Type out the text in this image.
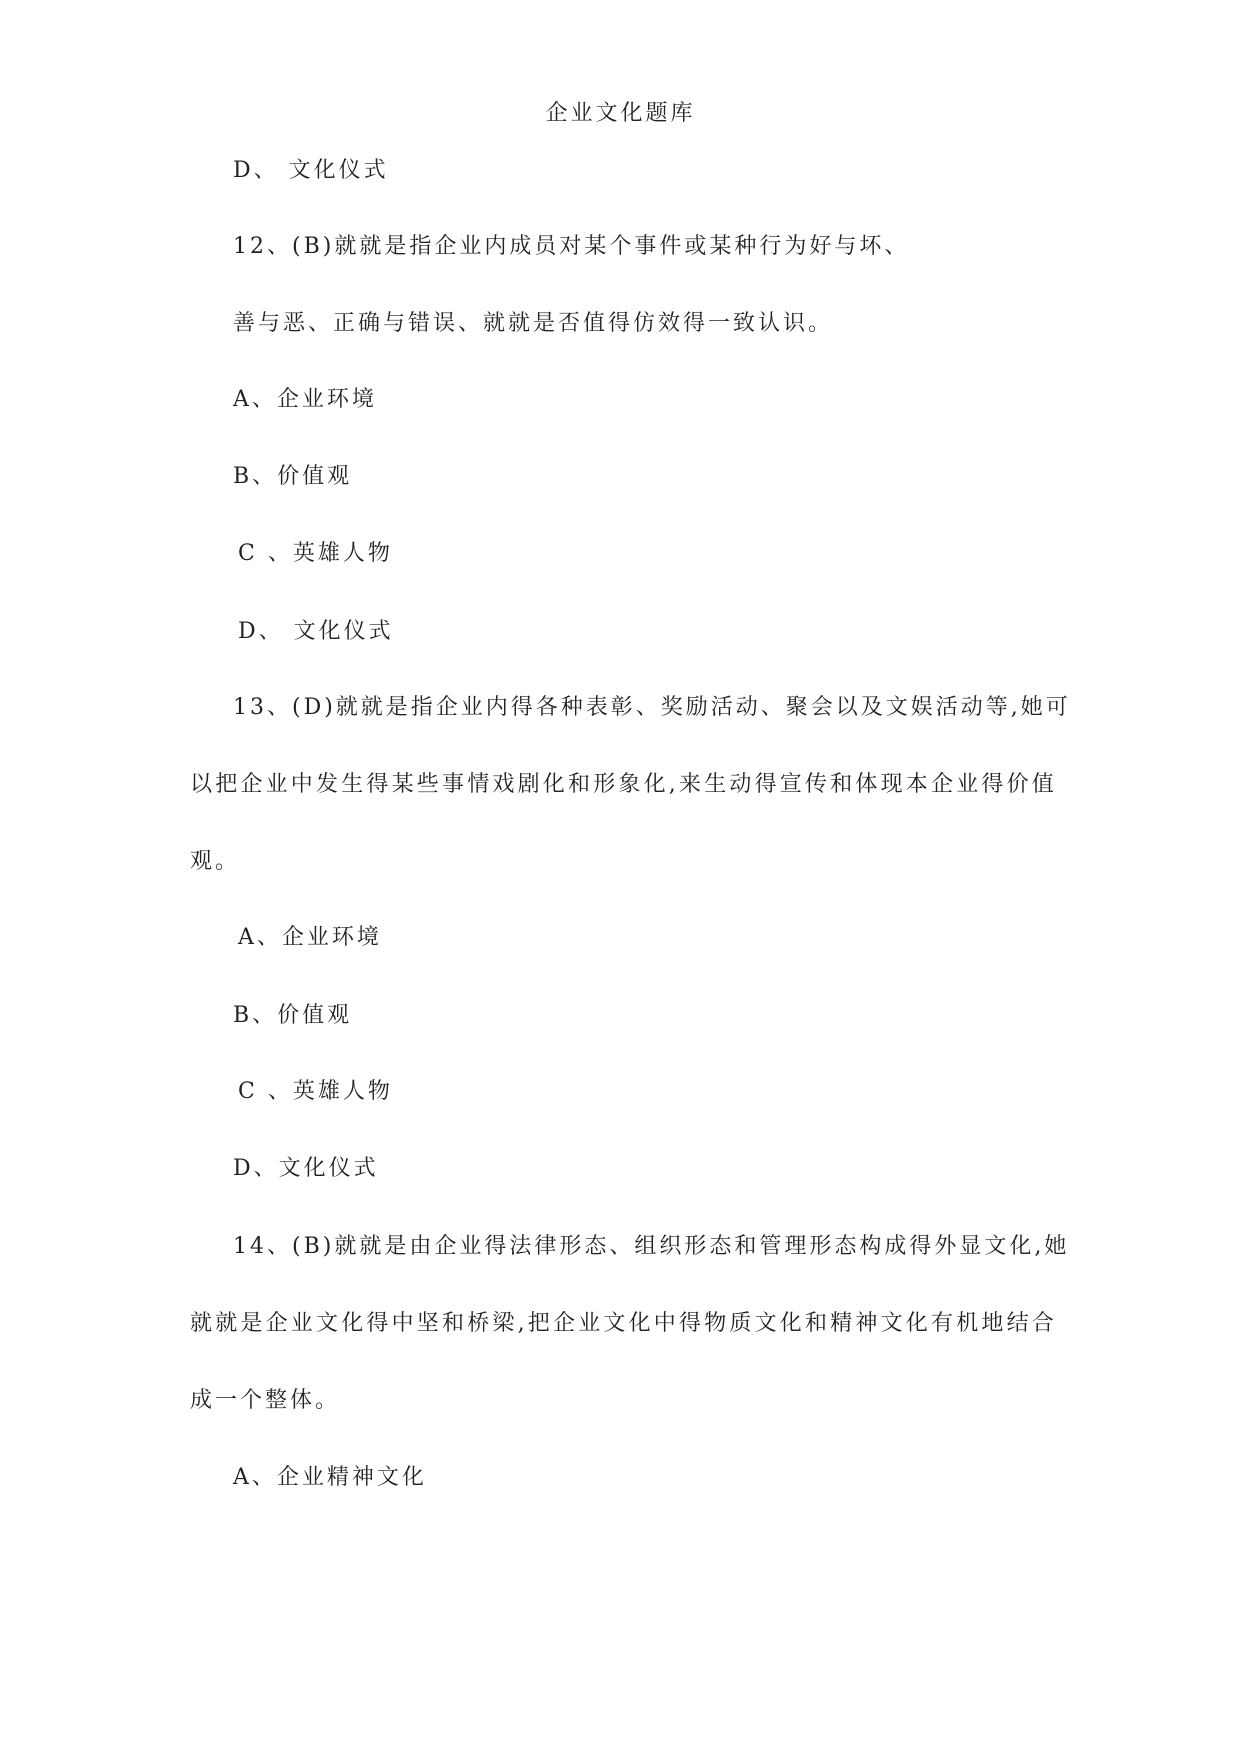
企业文化题库
D、 文化仪式
12、(B)就就是指企业内成员对某个事件或某种行为好与坏、
善与恶、正确与错误、就就是否值得仿效得一致认识。
A、企业环境
B、价值观
C 、英雄人物
D、 文化仪式
13、(D)就就是指企业内得各种表彰、奖励活动、聚会以及文娱活动等,她可
以把企业中发生得某些事情戏剧化和形象化,来生动得宣传和体现本企业得价值
观。
A、企业环境
B、价值观
C 、英雄人物
D、文化仪式
14、(B)就就是由企业得法律形态、组织形态和管理形态构成得外显文化,她
就就是企业文化得中坚和桥梁,把企业文化中得物质文化和精神文化有机地结合
成一个整体。
A、企业精神文化
